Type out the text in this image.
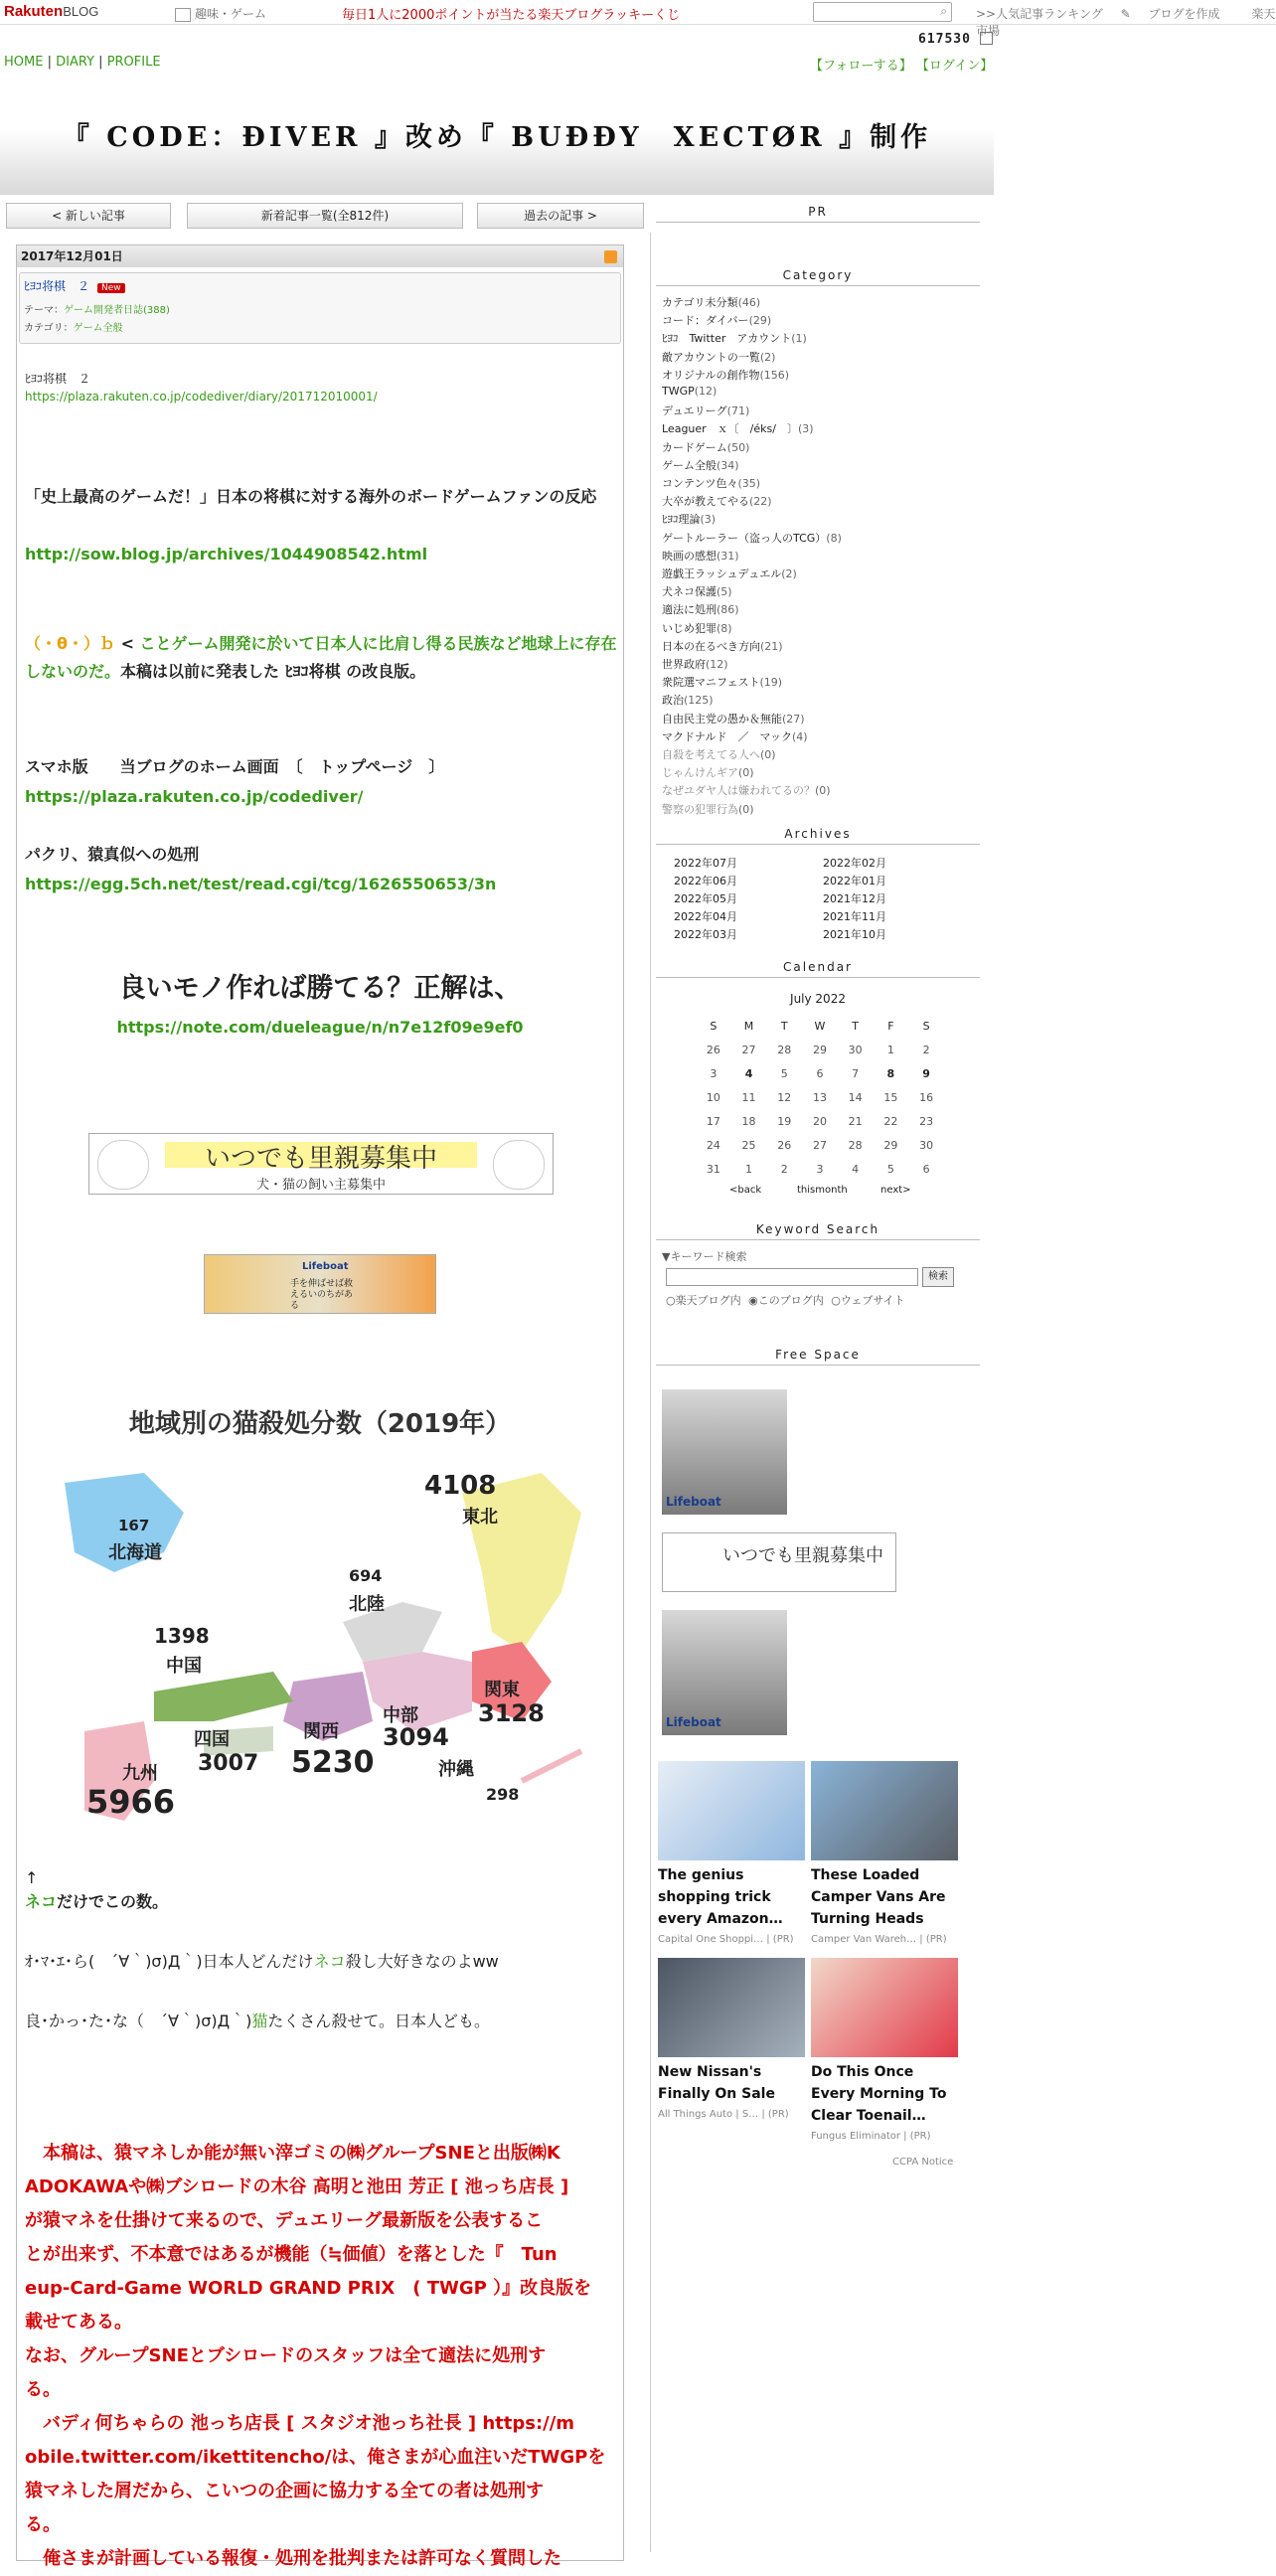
RakutenBLOG	趣味・ゲーム	毎日1人に2000ポイントが当たる楽天ブログラッキーくじ	⌕ >>人気記事ランキング ✎ ブログを作成	楽天市場
617530
HOME | DIARY | PROFILE	【フォローする】 【ログイン】
『 CODE：ÐIVER 』改め『 BUÐÐY　XECTØR 』制作
< 新しい記事	新着記事一覧(全812件)	過去の記事 >
2017年12月01日
ﾋﾖｺ将棋　２ New
テーマ：ゲーム開発者日誌(388)
カテゴリ：ゲーム全般
ﾋﾖｺ将棋　２
https://plaza.rakuten.co.jp/codediver/diary/201712010001/
「史上最高のゲームだ！」日本の将棋に対する海外のボードゲームファンの反応
http://sow.blog.jp/archives/1044908542.html
（・θ・）ｂ < ことゲーム開発に於いて日本人に比肩し得る民族など地球上に存在しないのだ。本稿は以前に発表した ﾋﾖｺ将棋 の改良版。
スマホ版　　当ブログのホーム画面　〔　トップページ　〕
https://plaza.rakuten.co.jp/codediver/
パクリ、猿真似への処刑
https://egg.5ch.net/test/read.cgi/tcg/1626550653/3n
良いモノ作れば勝てる？正解は、
https://note.com/dueleague/n/n7e12f09e9ef0
いつでも里親募集中
犬・猫の飼い主募集中
Lifeboat
手を伸ばせば救えるいのちがある
地域別の猫殺処分数（2019年）
167
北海道
4108
東北
694
北陸
1398
中国
関東
3128
中部
3094
関西
5230
四国
3007
九州
5966
沖縄
298
↑
ネコだけでこの数。
ｵ･ﾏ･ｴ･ら(　´∀｀)σ)Д｀)日本人どんだけネコ殺し大好きなのよww
良･かっ･た･な（　´∀｀)σ)Д｀)猫たくさん殺せて。日本人ども。
　本稿は、猿マネしか能が無い滓ゴミの㈱グループSNEと出版㈱K
ADOKAWAや㈱ブシロードの木谷 高明と池田 芳正 [ 池っち店長 ]
が猿マネを仕掛けて来るので、デュエリーグ最新版を公表するこ
とが出来ず、不本意ではあるが機能（≒価値）を落とした『　Tun
eup-Card-Game WORLD GRAND PRIX　( TWGP ）』改良版を
載せてある。
なお、グループSNEとブシロードのスタッフは全て適法に処刑す
る。
　バディ何ちゃらの 池っち店長 [ スタジオ池っち社長 ] https://m
obile.twitter.com/ikettitencho/は、俺さまが心血注いだTWGPを
猿マネした屑だから、こいつの企画に協力する全ての者は処刑す
る。
　俺さまが計画している報復・処刑を批判または許可なく質問した
PR
Category
カテゴリ未分類(46)
コード：ダイバー(29)
ﾋﾖｺ　Twitter　アカウント(1)
敵アカウントの一覧(2)
オリジナルの創作物(156)
TWGP(12)
デュエリーグ(71)
Leaguer　ｘ〔　/éks/　〕(3)
カードゲーム(50)
ゲーム全般(34)
コンテンツ色々(35)
大卒が教えてやる(22)
ﾋﾖｺ理論(3)
ゲートルーラー（盗っ人のTCG）(8)
映画の感想(31)
遊戯王ラッシュデュエル(2)
犬ネコ保護(5)
適法に処刑(86)
いじめ犯罪(8)
日本の在るべき方向(21)
世界政府(12)
衆院選マニフェスト(19)
政治(125)
自由民主党の愚か＆無能(27)
マクドナルド　／　マック(4)
自殺を考えてる人へ(0)
じゃんけんギア(0)
なぜユダヤ人は嫌われてるの？(0)
警察の犯罪行為(0)
Archives
2022年07月	2022年02月
2022年06月	2022年01月
2022年05月	2021年12月
2022年04月	2021年11月
2022年03月	2021年10月
Calendar
July 2022
S	M	T	W	T	F	S
26	27	28	29	30	1	2
3	4	5	6	7	8	9
10	11	12	13	14	15	16
17	18	19	20	21	22	23
24	25	26	27	28	29	30
31	1	2	3	4	5	6
<back	thismonth	next>
Keyword Search
▼キーワード検索
検索
○楽天ブログ内 ◉このブログ内 ○ウェブサイト
Free Space
Lifeboat
いつでも里親募集中
Lifeboat
The genius
shopping trick
every Amazon…
These Loaded
Camper Vans Are
Turning Heads
Capital One Shoppi… | (PR) Camper Van Wareh… | (PR)
New Nissan's
Finally On Sale
Do This Once
Every Morning To
Clear Toenail…
All Things Auto | S… | (PR)
Fungus Eliminator | (PR)
CCPA Notice
